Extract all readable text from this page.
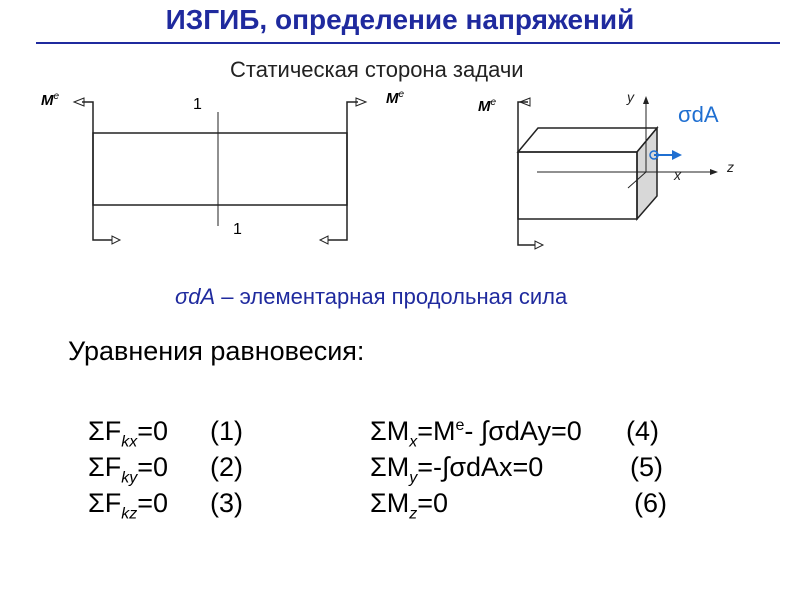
ИЗГИБ, определение напряжений
Статическая сторона задачи
1
1
Me	Me
Me	y
z
x
σdA
σdA – элементарная продольная сила
Уравнения равновесия:
$\Sigma F_{kx}=0$ (1)
$\Sigma F_{ky}=0$ (2)
$\Sigma F_{kz}=0$ (3)
$\Sigma M_x=M^e-$ ∫σdAy=0 (4)
$\Sigma M_y=-\int\sigma dAx=0$	(5)
$\Sigma M_z=0$	(6)
